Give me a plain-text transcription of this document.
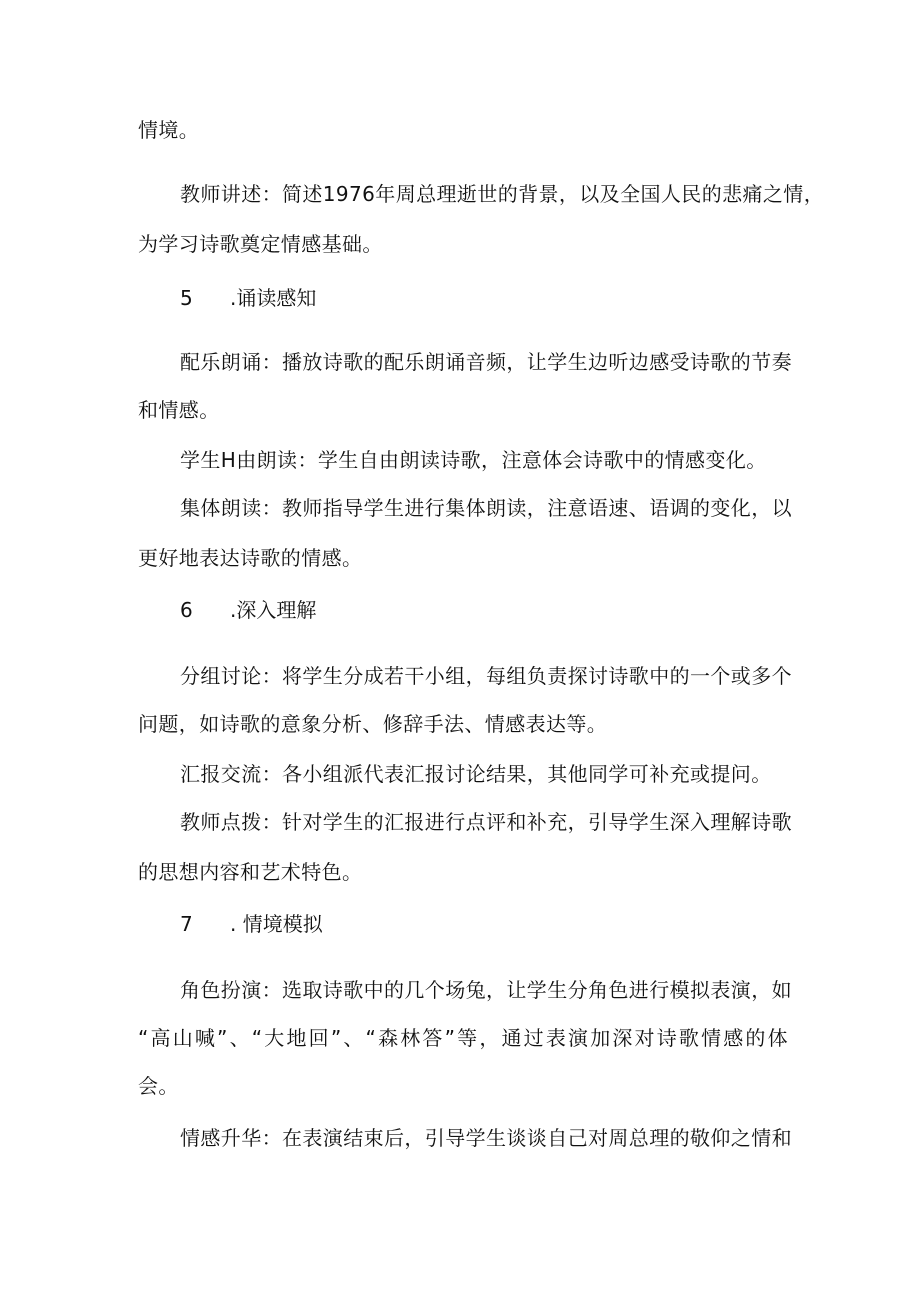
情境。
教师讲述：简述1976年周总理逝世的背景，以及全国人民的悲痛之情，
为学习诗歌奠定情感基础。
5 .诵读感知
配乐朗诵：播放诗歌的配乐朗诵音频，让学生边听边感受诗歌的节奏
和情感。
学生H由朗读：学生自由朗读诗歌，注意体会诗歌中的情感变化。
集体朗读：教师指导学生进行集体朗读，注意语速、语调的变化，以
更好地表达诗歌的情感。
6 .深入理解
分组讨论：将学生分成若干小组，每组负责探讨诗歌中的一个或多个
问题，如诗歌的意象分析、修辞手法、情感表达等。
汇报交流：各小组派代表汇报讨论结果，其他同学可补充或提问。
教师点拨：针对学生的汇报进行点评和补充，引导学生深入理解诗歌
的思想内容和艺术特色。
7 . 情境模拟
角色扮演：选取诗歌中的几个场兔，让学生分角色进行模拟表演，如
“高山喊”、“大地回”、“森林答”等，通过表演加深对诗歌情感的体
会。
情感升华：在表演结束后，引导学生谈谈自己对周总理的敬仰之情和
